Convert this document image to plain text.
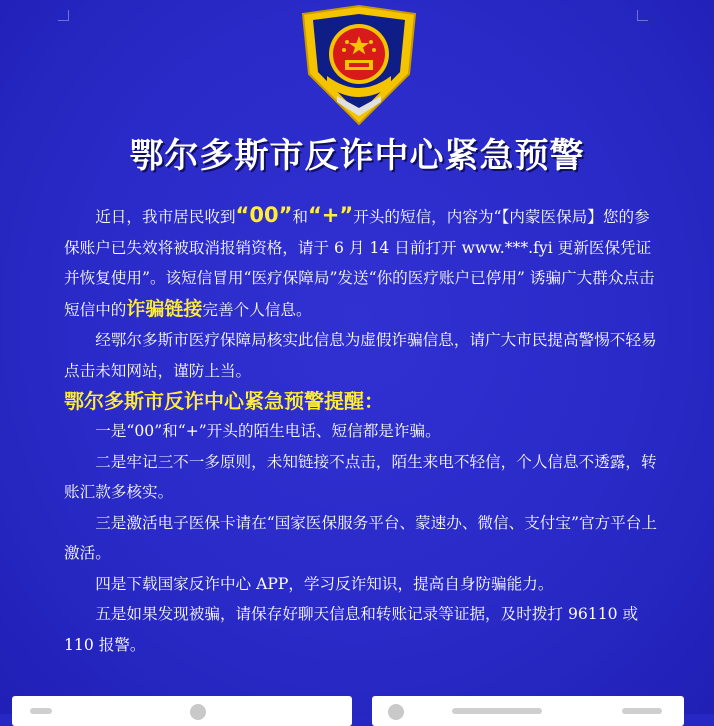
鄂尔多斯市反诈中心紧急预警

近日，我市居民收到“00”和“+”开头的短信，内容为“【内蒙医保局】您的参保账户已失效将被取消报销资格，请于 6 月 14 日前打开 www.***.fyi 更新医保凭证并恢复使用”。该短信冒用“医疗保障局”发送“你的医疗账户已停用” 诱骗广大群众点击短信中的诈骗链接完善个人信息。

经鄂尔多斯市医疗保障局核实此信息为虚假诈骗信息，请广大市民提高警惕不轻易点击未知网站，谨防上当。

鄂尔多斯市反诈中心紧急预警提醒：

一是“00”和“+”开头的陌生电话、短信都是诈骗。

二是牢记三不一多原则，未知链接不点击，陌生来电不轻信，个人信息不透露，转账汇款多核实。

三是激活电子医保卡请在“国家医保服务平台、蒙速办、微信、支付宝”官方平台上激活。

四是下载国家反诈中心 APP，学习反诈知识，提高自身防骗能力。

五是如果发现被骗，请保存好聊天信息和转账记录等证据，及时拨打 96110 或 110 报警。
